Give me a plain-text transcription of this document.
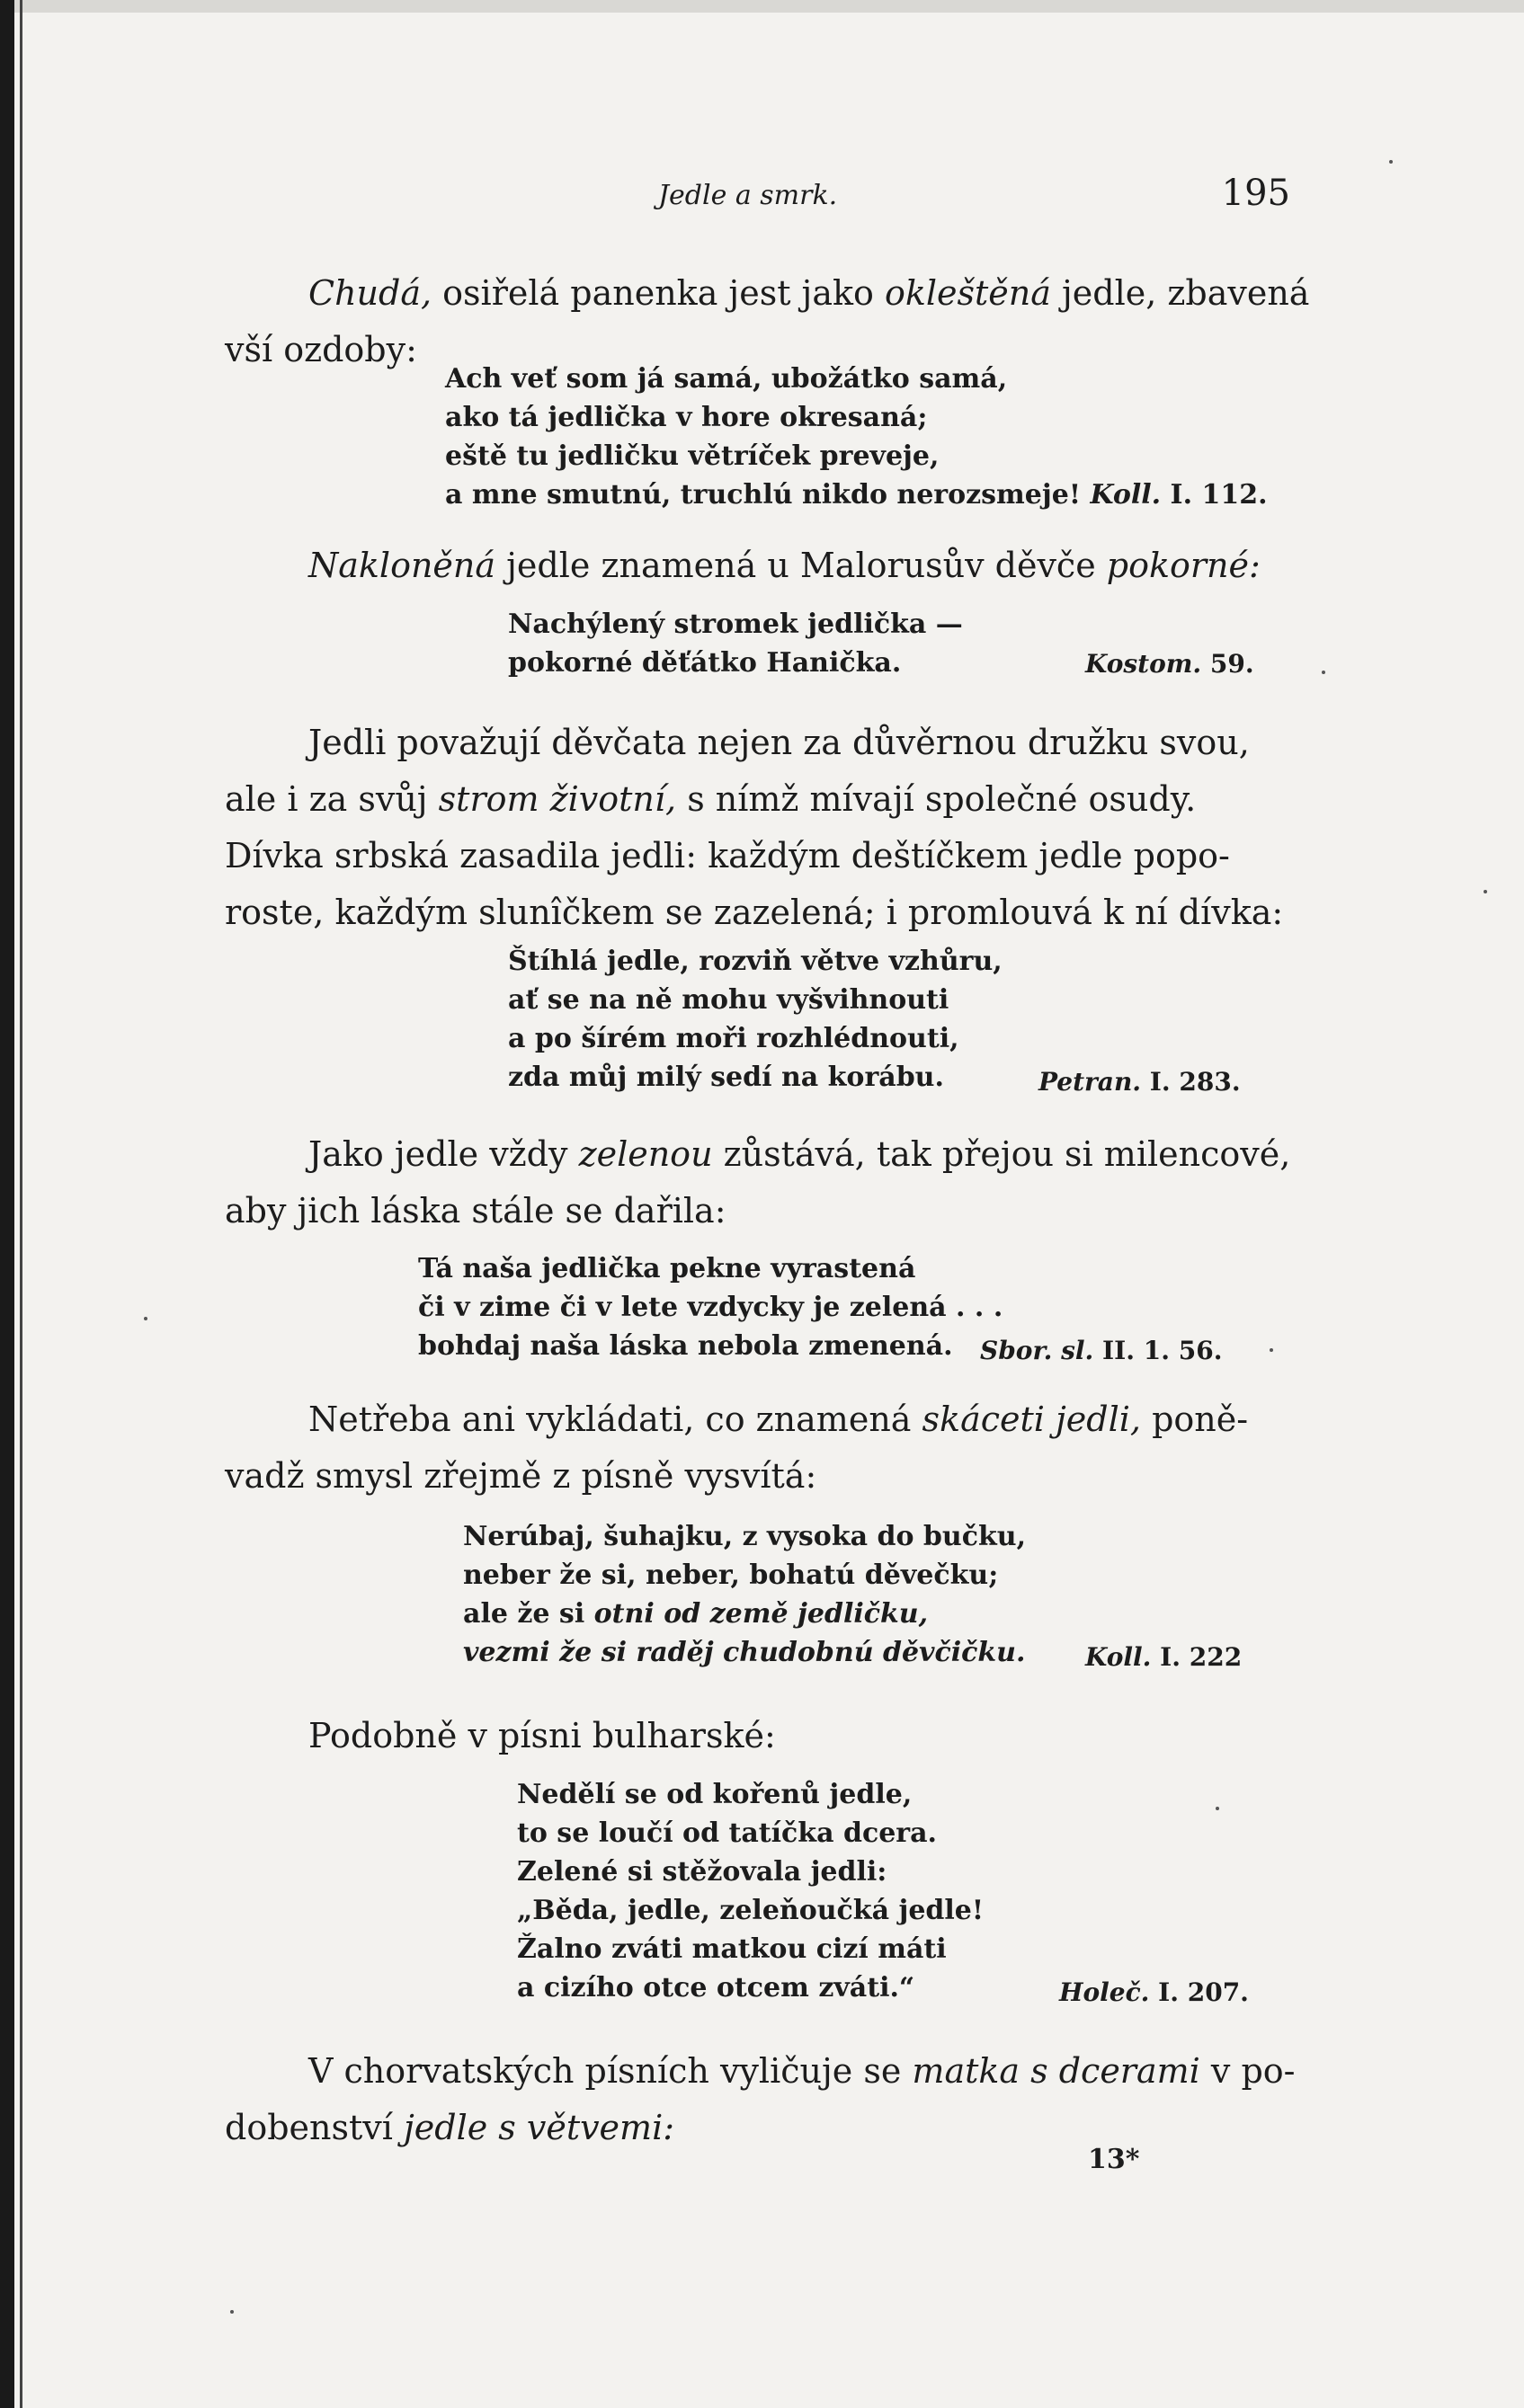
Jedle a smrk.	195
Chudá, osiřelá panenka jest jako okleštěná jedle, zbavená
vší ozdoby:
Ach veť som já samá, ubožátko samá,
ako tá jedlička v hore okresaná;
eště tu jedličku větríček preveje,
a mne smutnú, truchlú nikdo nerozsmeje! Koll. I. 112.
Nakloněná jedle znamená u Malorusův děvče pokorné:
Nachýlený stromek jedlička —
pokorné děťátko Hanička.	Kostom. 59.
Jedli považují děvčata nejen za důvěrnou družku svou,
ale i za svůj strom životní, s nímž mívají společné osudy.
Dívka srbská zasadila jedli: každým deštíčkem jedle popo-
roste, každým slunîčkem se zazelená; i promlouvá k ní dívka:
Štíhlá jedle, rozviň větve vzhůru,
ať se na ně mohu vyšvihnouti
a po šírém moři rozhlédnouti,
zda můj milý sedí na korábu.	Petran. I. 283.
Jako jedle vždy zelenou zůstává, tak přejou si milencové,
aby jich láska stále se dařila:
Tá naša jedlička pekne vyrastená
či v zime či v lete vzdycky je zelená . . .
bohdaj naša láska nebola zmenená.	Sbor. sl. II. 1. 56.
Netřeba ani vykládati, co znamená skáceti jedli, poně-
vadž smysl zřejmě z písně vysvítá:
Nerúbaj, šuhajku, z vysoka do bučku,
neber že si, neber, bohatú děvečku;
ale že si otni od země jedličku,
vezmi že si raděj chudobnú děvčičku. Koll. I. 222
Podobně v písni bulharské:
Nedělí se od kořenů jedle,
to se loučí od tatíčka dcera.
Zelené si stěžovala jedli:
„Běda, jedle, zeleňoučká jedle!
Žalno zváti matkou cizí máti
a cizího otce otcem zváti.“	Holeč. I. 207.
V chorvatských písních vyličuje se matka s dcerami v po-
dobenství jedle s větvemi:
13*
